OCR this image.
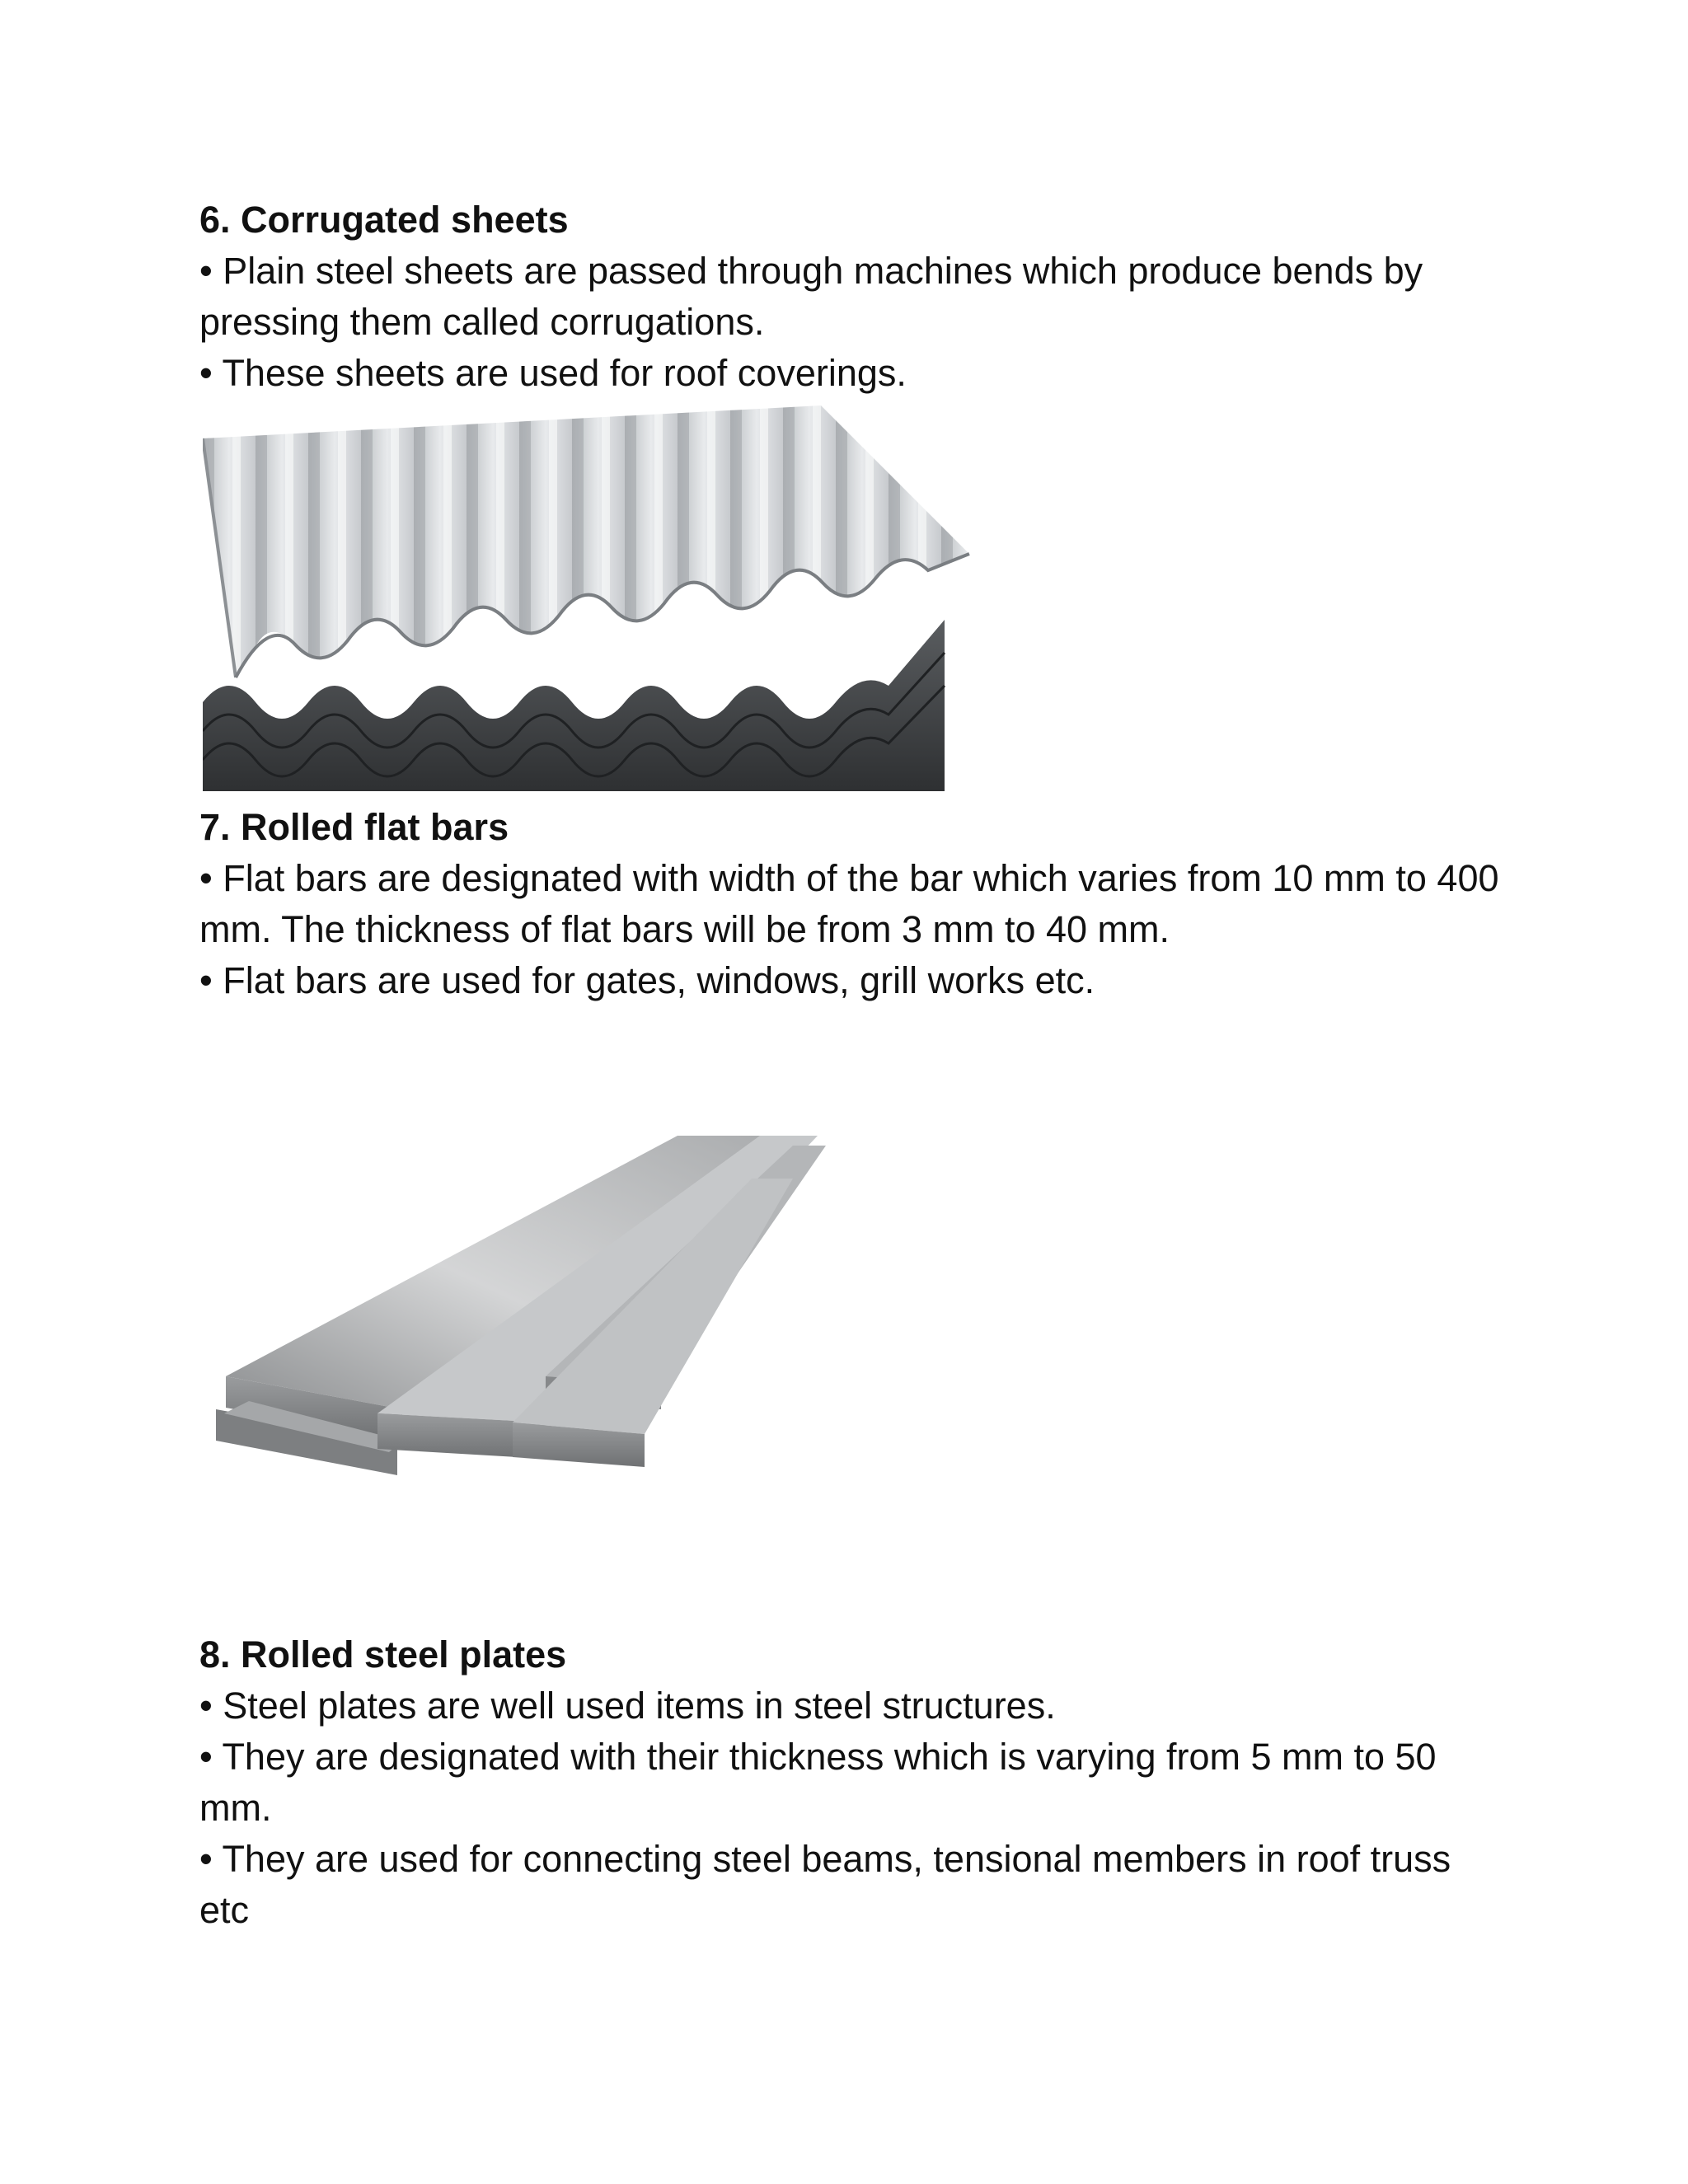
6. Corrugated sheets

• Plain steel sheets are passed through machines which produce bends by pressing them called corrugations.

• These sheets are used for roof coverings.

7. Rolled flat bars

• Flat bars are designated with width of the bar which varies from 10 mm to 400 mm. The thickness of flat bars will be from 3 mm to 40 mm.

• Flat bars are used for gates, windows, grill works etc.

8. Rolled steel plates

• Steel plates are well used items in steel structures.

• They are designated with their thickness which is varying from 5 mm to 50 mm.

• They are used for connecting steel beams, tensional members in roof truss etc
